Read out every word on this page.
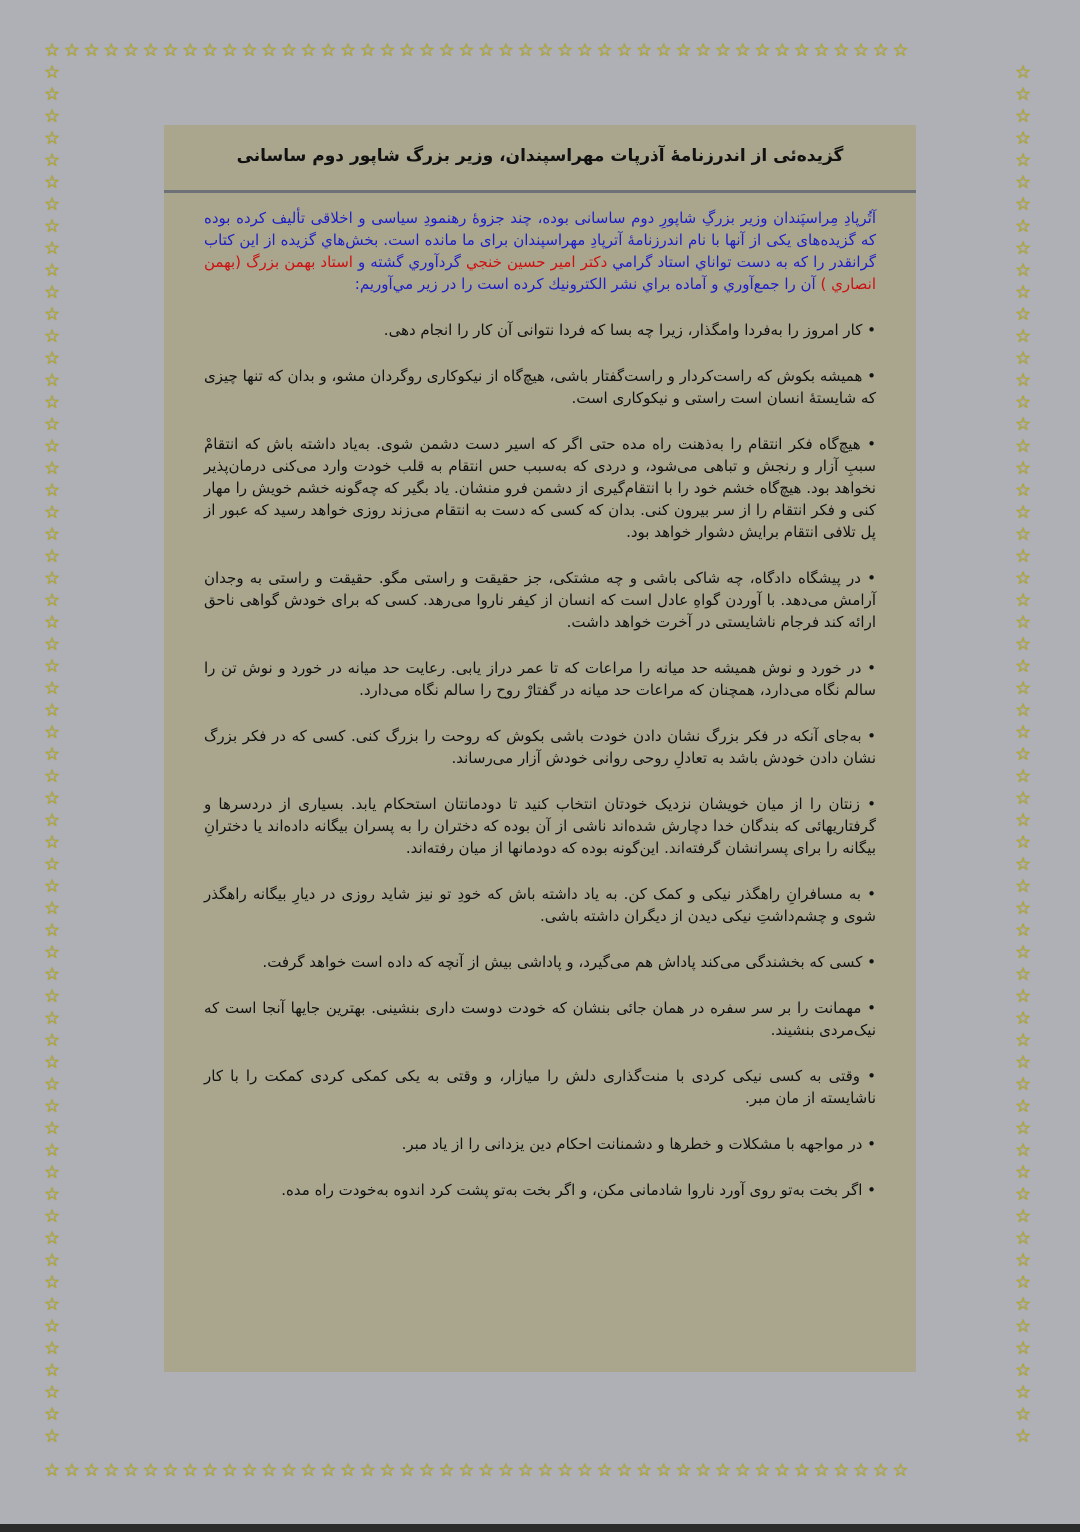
☆ ☆ ☆ ☆ ☆ ☆ ☆ ☆ ☆ ☆ ☆ ☆ ☆ ☆ ☆ ☆ ☆ ☆ ☆ ☆ ☆ ☆ ☆ ☆ ☆ ☆ ☆ ☆ ☆ ☆ ☆ ☆ ☆ ☆ ☆ ☆ ☆ ☆ ☆ ☆ ☆ ☆ ☆ ☆
☆ ☆ ☆ ☆ ☆ ☆ ☆ ☆ ☆ ☆ ☆ ☆ ☆ ☆ ☆ ☆ ☆ ☆ ☆ ☆ ☆ ☆ ☆ ☆ ☆ ☆ ☆ ☆ ☆ ☆ ☆ ☆ ☆ ☆ ☆ ☆ ☆ ☆ ☆ ☆ ☆ ☆ ☆ ☆ ☆ ☆ ☆ ☆ ☆ ☆ ☆ ☆ ☆ ☆ ☆ ☆ ☆ ☆ ☆ ☆ ☆ ☆ ☆
☆ ☆ ☆ ☆ ☆ ☆ ☆ ☆ ☆ ☆ ☆ ☆ ☆ ☆ ☆ ☆ ☆ ☆ ☆ ☆ ☆ ☆ ☆ ☆ ☆ ☆ ☆ ☆ ☆ ☆ ☆ ☆ ☆ ☆ ☆ ☆ ☆ ☆ ☆ ☆ ☆ ☆ ☆ ☆ ☆ ☆ ☆ ☆ ☆ ☆ ☆ ☆ ☆ ☆ ☆ ☆ ☆ ☆ ☆ ☆ ☆ ☆ ☆
☆ ☆ ☆ ☆ ☆ ☆ ☆ ☆ ☆ ☆ ☆ ☆ ☆ ☆ ☆ ☆ ☆ ☆ ☆ ☆ ☆ ☆ ☆ ☆ ☆ ☆ ☆ ☆ ☆ ☆ ☆ ☆ ☆ ☆ ☆ ☆ ☆ ☆ ☆ ☆ ☆ ☆ ☆ ☆
گزیده‌ئی از اندرزنامهٔ آذرپات مهراسپندان، وزیر بزرگ شاپور دوم ساسانی

آتُرپادِ مِراسپَندان وزیر بزرگِ شاپورِ دوم ساسانی بوده، چند جزوهٔ رهنمودِ سیاسی و اخلاقی تألیف کرده بوده که گزیده‌های یکی از آنها با نام اندرزنامهٔ آترپادِ مهراسپندان برای ما مانده است. بخش‌هاي گزيده از اين كتاب گرانقدر را كه به دست تواناي استاد گرامي دكتر امير حسين خنجي گردآوري گشته و استاد بهمن بزرگ (بهمن انصاري ) آن را جمع‌آوري و آماده براي نشر الكترونيك كرده است را در زير مي‌آوريم:

• کار امروز را به‌فردا وامگذار، زیرا چه بسا که فردا نتوانی آن کار را انجام دهی.

• همیشه بکوش که راست‌کردار و راست‌گفتار باشی، هیچ‌گاه از نیکوکاری روگردان مشو، و بدان که تنها چیزی که شایستهٔ انسان است راستی و نیکوکاری است.

• هیچ‌گاه فکر انتقام را به‌ذهنت راه مده حتی اگر که اسیر دست دشمن شوی. به‌یاد داشته باش که انتقامْ سببِ آزار و رنجش و تباهی می‌شود، و دردی که به‌سبب حس انتقام به قلب خودت وارد می‌کنی درمان‌پذیر نخواهد بود. هیچ‌گاه خشم خود را با انتقام‌گیری از دشمن فرو منشان. یاد بگیر که چه‌گونه خشم خویش را مهار کنی و فکر انتقام را از سر بیرون کنی. بدان که کسی که دست به انتقام می‌زند روزی خواهد رسید که عبور از پل تلافی انتقام برایش دشوار خواهد بود.

• در پیشگاه دادگاه، چه شاکی باشی و چه مشتکی، جز حقیقت و راستی مگو. حقیقت و راستی به وجدان آرامش می‌دهد. با آوردن گواهِ عادل است که انسان از کیفر ناروا می‌رهد. کسی که برای خودش گواهی ناحق ارائه کند فرجام ناشایستی در آخرت خواهد داشت.

• در خورد و نوش همیشه حد میانه را مراعات که تا عمر دراز یابی. رعایت حد میانه در خورد و نوش تن را سالم نگاه می‌دارد، همچنان که مراعات حد میانه در گفتارْ روح را سالم نگاه می‌دارد.

• به‌جای آنکه در فکر بزرگ نشان دادن خودت باشی بکوش که روحت را بزرگ کنی. کسی که در فکر بزرگ نشان دادن خودش باشد به تعادلِ روحی روانی خودش آزار می‌رساند.

• زنتان را از میان خویشان نزدیک خودتان انتخاب کنید تا دودمانتان استحکام یابد. بسیاری از دردسرها و گرفتاریهائی که بندگان خدا دچارش شده‌اند ناشی از آن بوده که دختران را به پسران بیگانه داده‌اند یا دخترانِ بیگانه را برای پسرانشان گرفته‌اند. این‌گونه بوده که دودمانها از میان رفته‌اند.

• به مسافرانِ راهگذر نیکی و کمک کن. به یاد داشته باش که خودِ تو نیز شاید روزی در دیارِ بیگانه راهگذر شوی و چشم‌داشتِ نیکی دیدن از دیگران داشته باشی.

• کسی که بخشندگی می‌کند پاداش هم می‌گیرد، و پاداشی بیش از آنچه که داده است خواهد گرفت.

• مهمانت را بر سر سفره در همان جائی بنشان که خودت دوست داری بنشینی. بهترین جایها آنجا است که نیک‌مردی بنشیند.

• وقتی به کسی نیکی کردی با منت‌گذاری دلش را میازار، و وقتی به یکی کمکی کردی کمکت را با کار ناشایسته از مان مبر.

• در مواجهه با مشکلات و خطرها و دشمنانت احکام دین یزدانی را از یاد مبر.

• اگر بخت به‌تو روی آورد ناروا شادمانی مکن، و اگر بخت به‌تو پشت کرد اندوه به‌خودت راه مده.
